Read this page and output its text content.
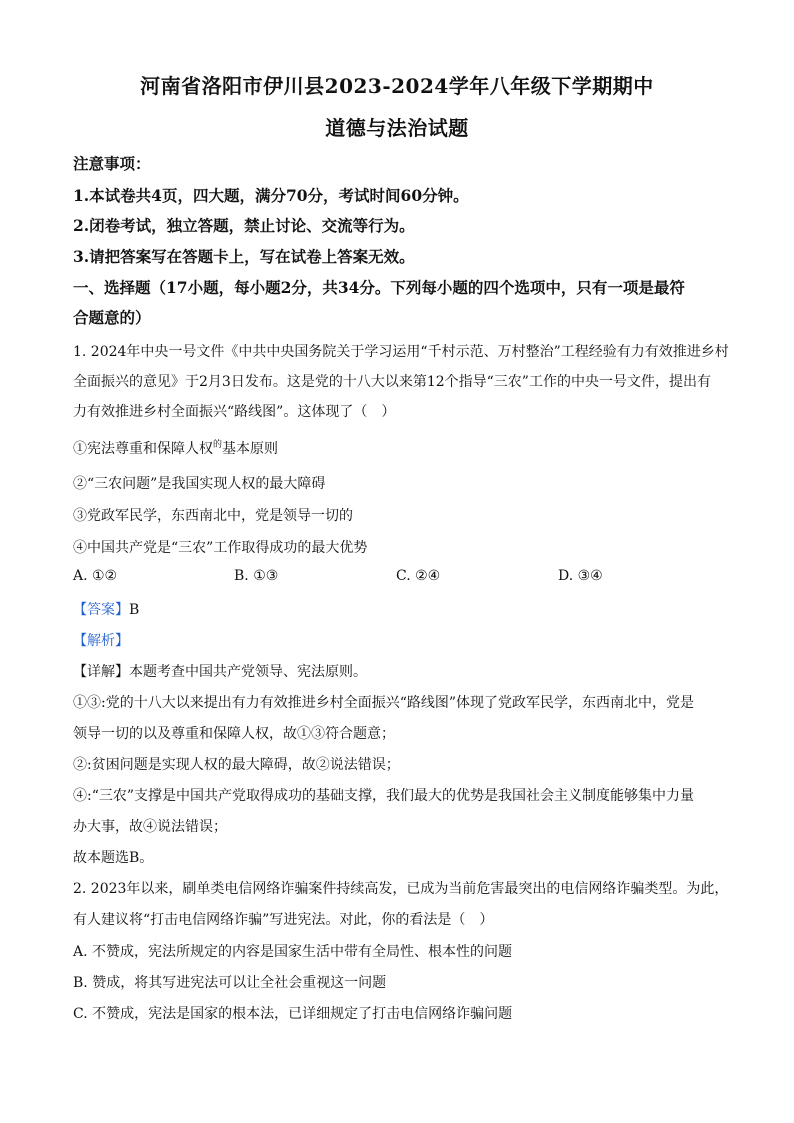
河南省洛阳市伊川县2023-2024学年八年级下学期期中
道德与法治试题
注意事项：
1.本试卷共4页，四大题，满分70分，考试时间60分钟。
2.闭卷考试，独立答题，禁止讨论、交流等行为。
3.请把答案写在答题卡上，写在试卷上答案无效。
一、选择题（17小题，每小题2分，共34分。下列每小题的四个选项中，只有一项是最符
合题意的）
1. 2024年中央一号文件《中共中央国务院关于学习运用“千村示范、万村整治”工程经验有力有效推进乡村
全面振兴的意见》于2月3日发布。这是党的十八大以来第12个指导“三农”工作的中央一号文件，提出有
力有效推进乡村全面振兴“路线图”。这体现了（　）
①宪法尊重和保障人权$^的$基本原则
②“三农问题”是我国实现人权的最大障碍
③党政军民学，东西南北中，党是领导一切的
④中国共产党是“三农”工作取得成功的最大优势
A. ①②	B. ①③	C. ②④	D. ③④
【答案】B
【解析】
【详解】本题考查中国共产党领导、宪法原则。
①③:党的十八大以来提出有力有效推进乡村全面振兴“路线图”体现了党政军民学，东西南北中，党是
领导一切的以及尊重和保障人权，故①③符合题意；
②:贫困问题是实现人权的最大障碍，故②说法错误；
④:“三农”支撑是中国共产党取得成功的基础支撑，我们最大的优势是我国社会主义制度能够集中力量
办大事，故④说法错误；
故本题选B。
2. 2023年以来，刷单类电信网络诈骗案件持续高发，已成为当前危害最突出的电信网络诈骗类型。为此，
有人建议将“打击电信网络诈骗”写进宪法。对此，你的看法是（　）
A. 不赞成，宪法所规定的内容是国家生活中带有全局性、根本性的问题
B. 赞成，将其写进宪法可以让全社会重视这一问题
C. 不赞成，宪法是国家的根本法，已详细规定了打击电信网络诈骗问题
